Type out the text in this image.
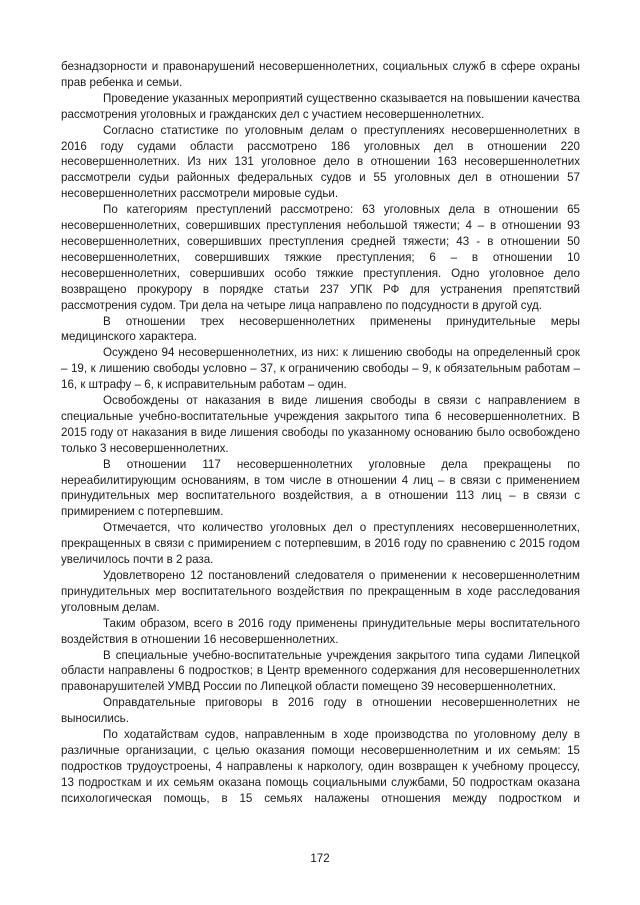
безнадзорности и правонарушений несовершеннолетних, социальных служб в сфере охраны прав ребенка и семьи.

Проведение указанных мероприятий существенно сказывается на повышении качества рассмотрения уголовных и гражданских дел с участием несовершеннолетних.

Согласно статистике по уголовным делам о преступлениях несовершеннолетних в 2016 году судами области рассмотрено 186 уголовных дел в отношении 220 несовершеннолетних. Из них 131 уголовное дело в отношении 163 несовершеннолетних рассмотрели судьи районных федеральных судов и 55 уголовных дел в отношении 57 несовершеннолетних рассмотрели мировые судьи.

По категориям преступлений рассмотрено: 63 уголовных дела в отношении 65 несовершеннолетних, совершивших преступления небольшой тяжести; 4 – в отношении 93 несовершеннолетних, совершивших преступления средней тяжести; 43 - в отношении 50 несовершеннолетних, совершивших тяжкие преступления; 6 – в отношении 10 несовершеннолетних, совершивших особо тяжкие преступления. Одно уголовное дело возвращено прокурору в порядке статьи 237 УПК РФ для устранения препятствий рассмотрения судом. Три дела на четыре лица направлено по подсудности в другой суд.

В отношении трех несовершеннолетних применены принудительные меры медицинского характера.

Осуждено 94 несовершеннолетних, из них: к лишению свободы на определенный срок – 19, к лишению свободы условно – 37, к ограничению свободы – 9, к обязательным работам – 16, к штрафу – 6, к исправительным работам – один.

Освобождены от наказания в виде лишения свободы в связи с направлением в специальные учебно-воспитательные учреждения закрытого типа 6 несовершеннолетних. В 2015 году от наказания в виде лишения свободы по указанному основанию было освобождено только 3 несовершеннолетних.

В отношении 117 несовершеннолетних уголовные дела прекращены по нереабилитирующим основаниям, в том числе в отношении 4 лиц – в связи с применением принудительных мер воспитательного воздействия, а в отношении 113 лиц – в связи с примирением с потерпевшим.

Отмечается, что количество уголовных дел о преступлениях несовершеннолетних, прекращенных в связи с примирением с потерпевшим, в 2016 году по сравнению с 2015 годом увеличилось почти в 2 раза.

Удовлетворено 12 постановлений следователя о применении к несовершеннолетним принудительных мер воспитательного воздействия по прекращенным в ходе расследования уголовным делам.

Таким образом, всего в 2016 году применены принудительные меры воспитательного воздействия в отношении 16 несовершеннолетних.

В специальные учебно-воспитательные учреждения закрытого типа судами Липецкой области направлены 6 подростков; в Центр временного содержания для несовершеннолетних правонарушителей УМВД России по Липецкой области помещено 39 несовершеннолетних.

Оправдательные приговоры в 2016 году в отношении несовершеннолетних не выносились.

По ходатайствам судов, направленным в ходе производства по уголовному делу в различные организации, с целью оказания помощи несовершеннолетним и их семьям: 15 подростков трудоустроены, 4 направлены к наркологу, один возвращен к учебному процессу, 13 подросткам и их семьям оказана помощь социальными службами, 50 подросткам оказана психологическая помощь, в 15 семьях налажены отношения между подростком и

172
